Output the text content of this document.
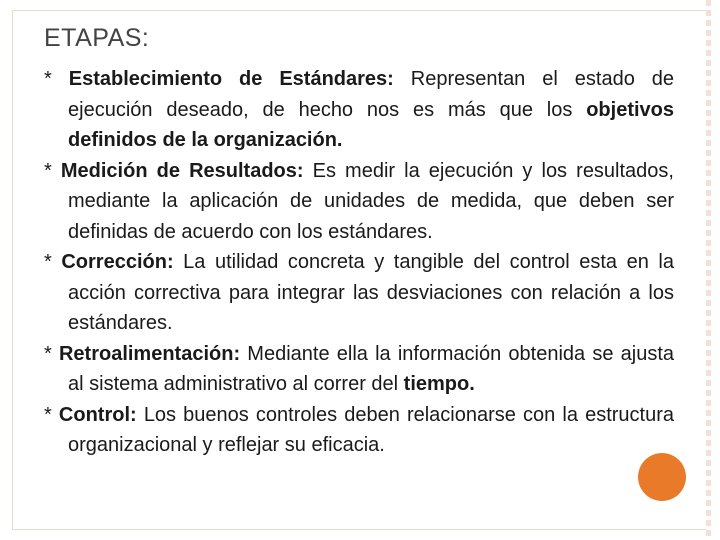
ETAPAS:

* Establecimiento de Estándares: Representan el estado de ejecución deseado, de hecho nos es más que los objetivos definidos de la organización.

* Medición de Resultados: Es medir la ejecución y los resultados, mediante la aplicación de unidades de medida, que deben ser definidas de acuerdo con los estándares.

* Corrección: La utilidad concreta y tangible del control esta en la acción correctiva para integrar las desviaciones con relación a los estándares.

* Retroalimentación: Mediante ella la información obtenida se ajusta al sistema administrativo al correr del tiempo.

* Control: Los buenos controles deben relacionarse con la estructura organizacional y reflejar su eficacia.
